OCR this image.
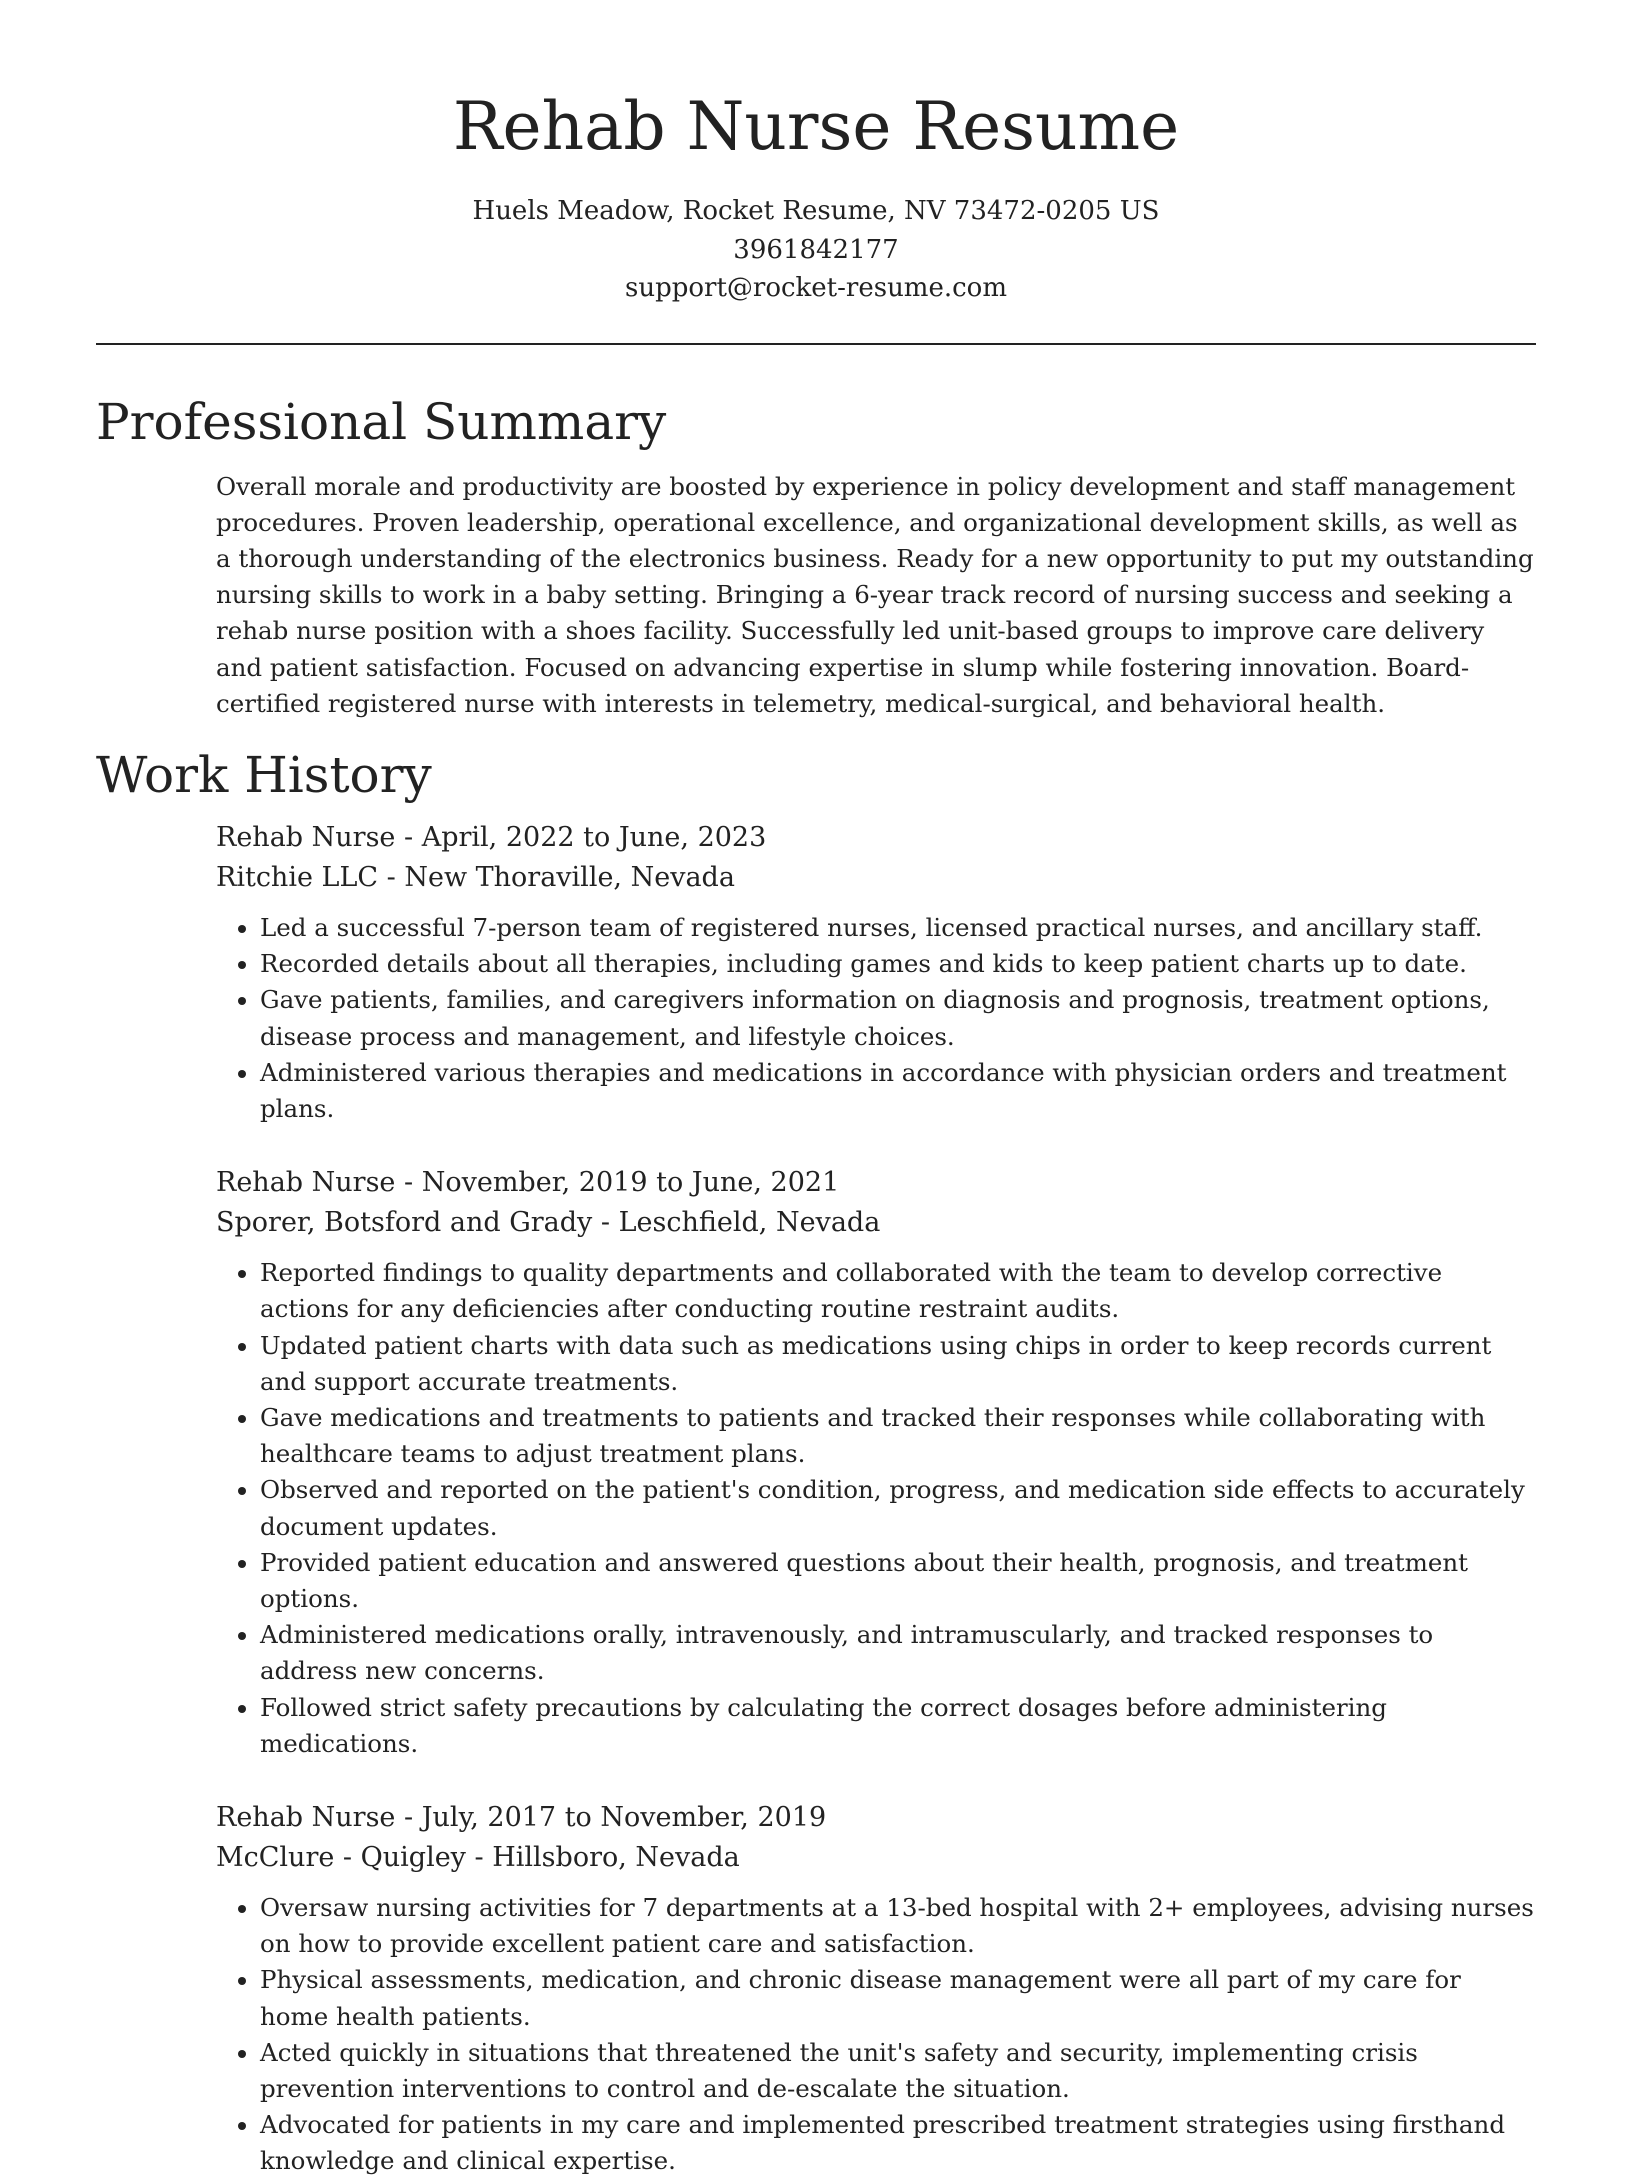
Rehab Nurse Resume
Huels Meadow, Rocket Resume, NV 73472-0205 US
3961842177
support@rocket-resume.com
Professional Summary
Overall morale and productivity are boosted by experience in policy development and staff management procedures. Proven leadership, operational excellence, and organizational development skills, as well as a thorough understanding of the electronics business. Ready for a new opportunity to put my outstanding nursing skills to work in a baby setting. Bringing a 6-year track record of nursing success and seeking a rehab nurse position with a shoes facility. Successfully led unit-based groups to improve care delivery and patient satisfaction. Focused on advancing expertise in slump while fostering innovation. Board-certified registered nurse with interests in telemetry, medical-surgical, and behavioral health.
Work History
Rehab Nurse - April, 2022 to June, 2023
Ritchie LLC - New Thoraville, Nevada
• Led a successful 7-person team of registered nurses, licensed practical nurses, and ancillary staff.
• Recorded details about all therapies, including games and kids to keep patient charts up to date.
• Gave patients, families, and caregivers information on diagnosis and prognosis, treatment options, disease process and management, and lifestyle choices.
• Administered various therapies and medications in accordance with physician orders and treatment plans.
Rehab Nurse - November, 2019 to June, 2021
Sporer, Botsford and Grady - Leschfield, Nevada
• Reported findings to quality departments and collaborated with the team to develop corrective actions for any deficiencies after conducting routine restraint audits.
• Updated patient charts with data such as medications using chips in order to keep records current and support accurate treatments.
• Gave medications and treatments to patients and tracked their responses while collaborating with healthcare teams to adjust treatment plans.
• Observed and reported on the patient's condition, progress, and medication side effects to accurately document updates.
• Provided patient education and answered questions about their health, prognosis, and treatment options.
• Administered medications orally, intravenously, and intramuscularly, and tracked responses to address new concerns.
• Followed strict safety precautions by calculating the correct dosages before administering medications.
Rehab Nurse - July, 2017 to November, 2019
McClure - Quigley - Hillsboro, Nevada
• Oversaw nursing activities for 7 departments at a 13-bed hospital with 2+ employees, advising nurses on how to provide excellent patient care and satisfaction.
• Physical assessments, medication, and chronic disease management were all part of my care for home health patients.
• Acted quickly in situations that threatened the unit's safety and security, implementing crisis prevention interventions to control and de-escalate the situation.
• Advocated for patients in my care and implemented prescribed treatment strategies using firsthand knowledge and clinical expertise.
